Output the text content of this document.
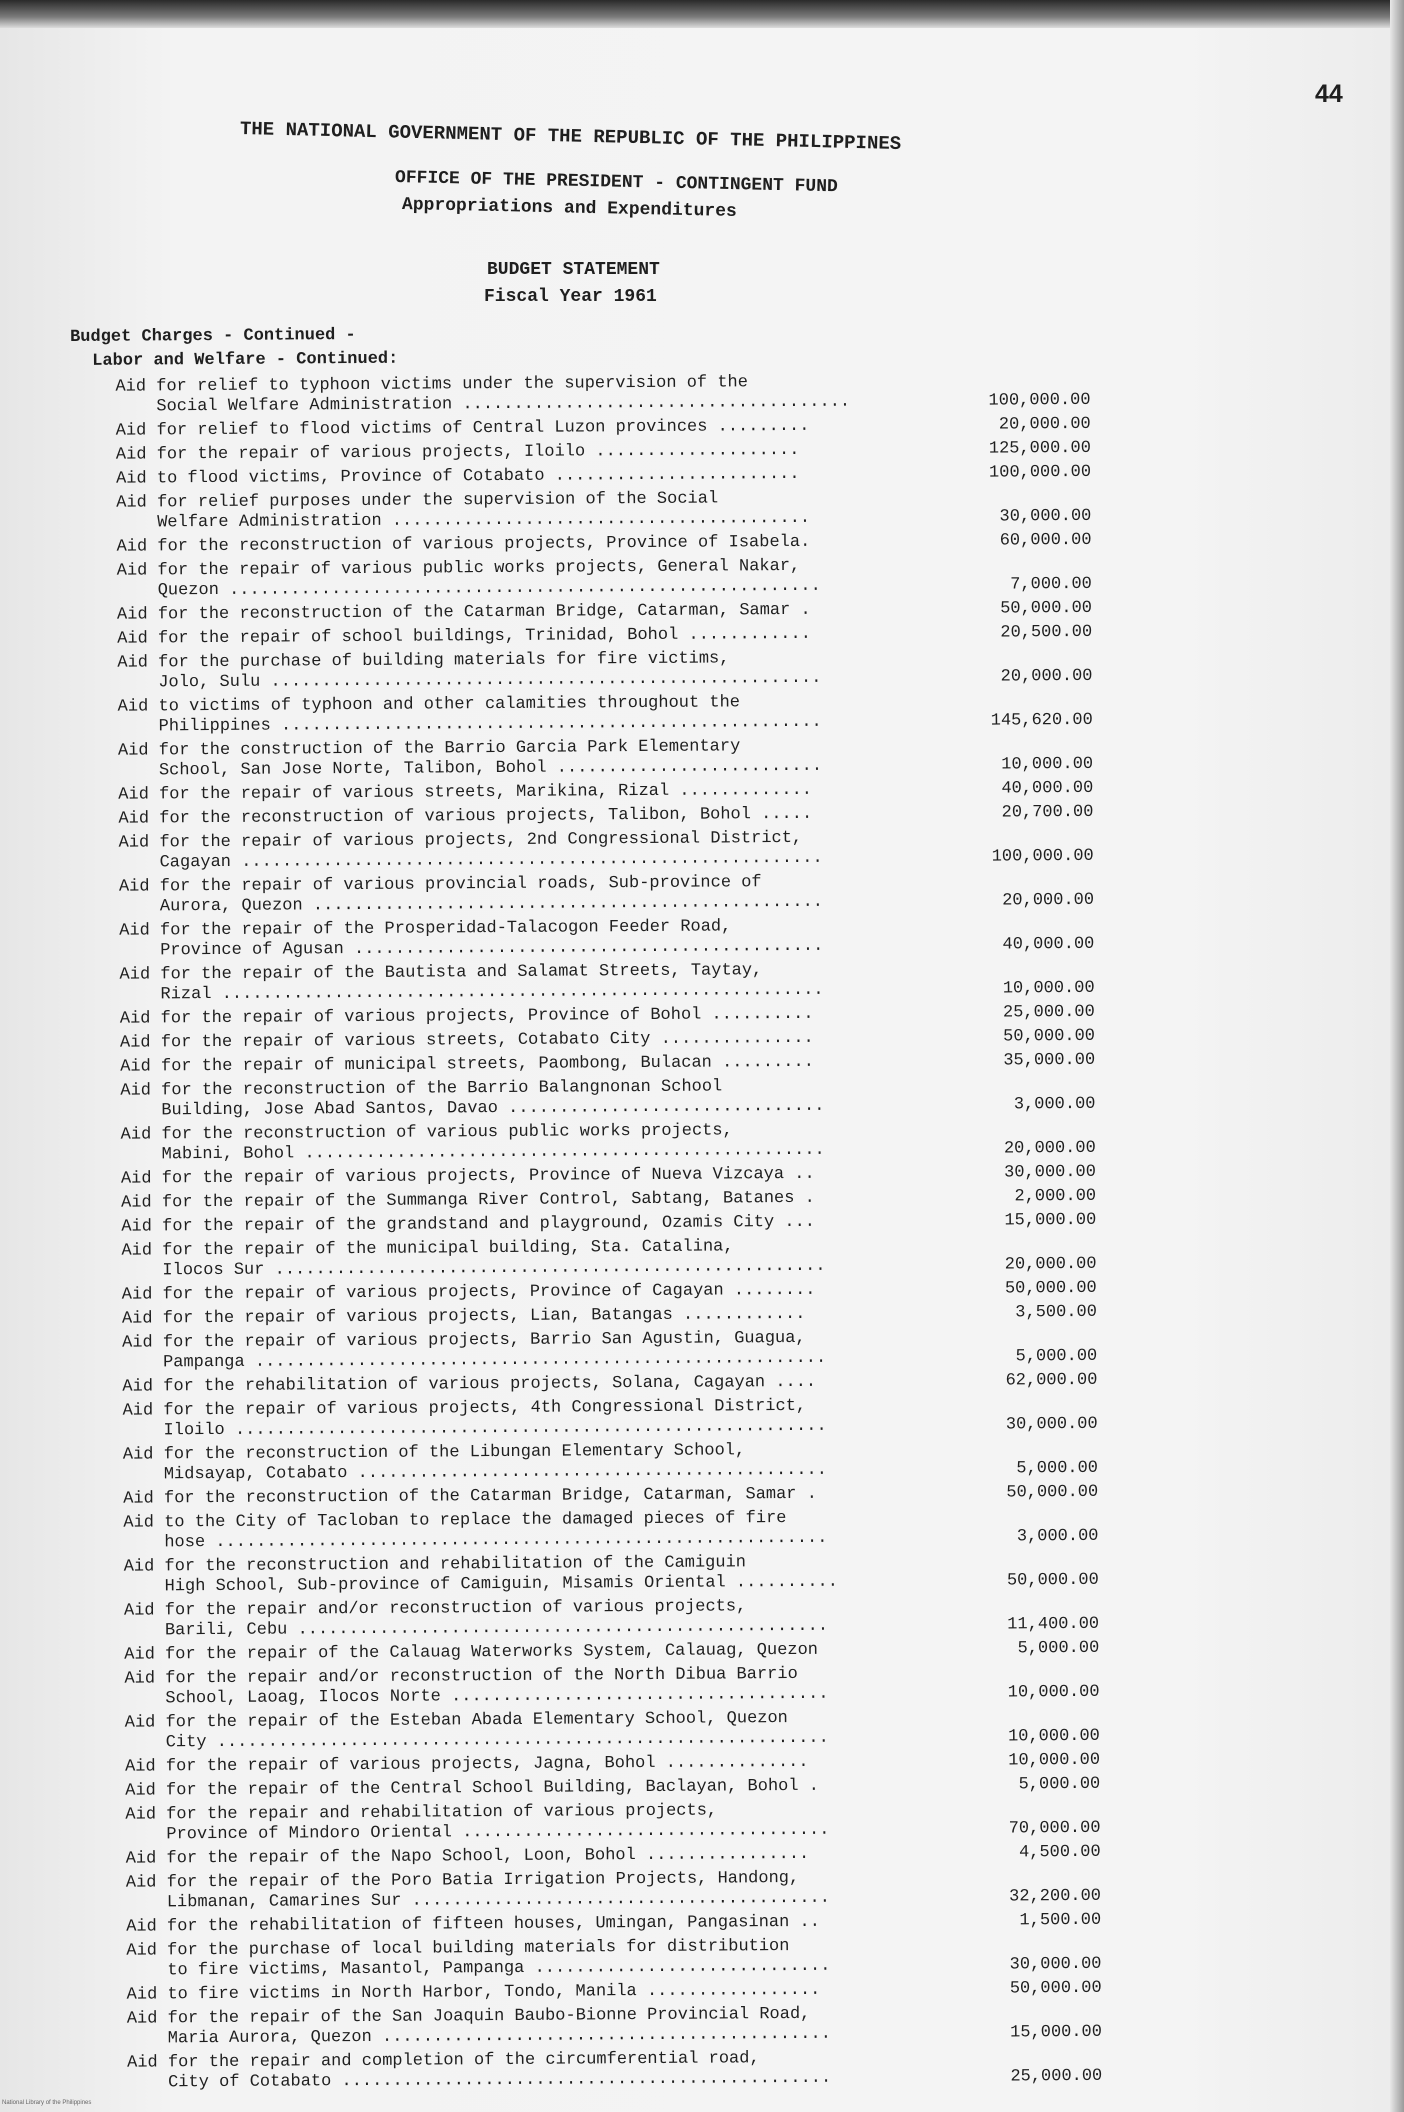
44
THE NATIONAL GOVERNMENT OF THE REPUBLIC OF THE PHILIPPINES
OFFICE OF THE PRESIDENT - CONTINGENT FUND
Appropriations and Expenditures
BUDGET STATEMENT
Fiscal Year 1961
Budget Charges - Continued -
Labor and Welfare - Continued:
Aid for relief to typhoon victims under the supervision of the
Social Welfare Administration ......................................	100,000.00
Aid for relief to flood victims of Central Luzon provinces .........	20,000.00
Aid for the repair of various projects, Iloilo ....................	125,000.00
Aid to flood victims, Province of Cotabato ........................	100,000.00
Aid for relief purposes under the supervision of the Social
Welfare Administration .........................................	30,000.00
Aid for the reconstruction of various projects, Province of Isabela.	60,000.00
Aid for the repair of various public works projects, General Nakar,
Quezon ..........................................................	7,000.00
Aid for the reconstruction of the Catarman Bridge, Catarman, Samar .	50,000.00
Aid for the repair of school buildings, Trinidad, Bohol ............	20,500.00
Aid for the purchase of building materials for fire victims,
Jolo, Sulu ......................................................	20,000.00
Aid to victims of typhoon and other calamities throughout the
Philippines .....................................................	145,620.00
Aid for the construction of the Barrio Garcia Park Elementary
School, San Jose Norte, Talibon, Bohol ..........................	10,000.00
Aid for the repair of various streets, Marikina, Rizal .............	40,000.00
Aid for the reconstruction of various projects, Talibon, Bohol .....	20,700.00
Aid for the repair of various projects, 2nd Congressional District,
Cagayan .........................................................	100,000.00
Aid for the repair of various provincial roads, Sub-province of
Aurora, Quezon ..................................................	20,000.00
Aid for the repair of the Prosperidad-Talacogon Feeder Road,
Province of Agusan ..............................................	40,000.00
Aid for the repair of the Bautista and Salamat Streets, Taytay,
Rizal ...........................................................	10,000.00
Aid for the repair of various projects, Province of Bohol ..........	25,000.00
Aid for the repair of various streets, Cotabato City ...............	50,000.00
Aid for the repair of municipal streets, Paombong, Bulacan .........	35,000.00
Aid for the reconstruction of the Barrio Balangnonan School
Building, Jose Abad Santos, Davao ...............................	3,000.00
Aid for the reconstruction of various public works projects,
Mabini, Bohol ...................................................	20,000.00
Aid for the repair of various projects, Province of Nueva Vizcaya ..	30,000.00
Aid for the repair of the Summanga River Control, Sabtang, Batanes .	2,000.00
Aid for the repair of the grandstand and playground, Ozamis City ...	15,000.00
Aid for the repair of the municipal building, Sta. Catalina,
Ilocos Sur ......................................................	20,000.00
Aid for the repair of various projects, Province of Cagayan ........	50,000.00
Aid for the repair of various projects, Lian, Batangas ............	3,500.00
Aid for the repair of various projects, Barrio San Agustin, Guagua,
Pampanga ........................................................	5,000.00
Aid for the rehabilitation of various projects, Solana, Cagayan ....	62,000.00
Aid for the repair of various projects, 4th Congressional District,
Iloilo ..........................................................	30,000.00
Aid for the reconstruction of the Libungan Elementary School,
Midsayap, Cotabato ..............................................	5,000.00
Aid for the reconstruction of the Catarman Bridge, Catarman, Samar .	50,000.00
Aid to the City of Tacloban to replace the damaged pieces of fire
hose ............................................................	3,000.00
Aid for the reconstruction and rehabilitation of the Camiguin
High School, Sub-province of Camiguin, Misamis Oriental ..........	50,000.00
Aid for the repair and/or reconstruction of various projects,
Barili, Cebu ....................................................	11,400.00
Aid for the repair of the Calauag Waterworks System, Calauag, Quezon	5,000.00
Aid for the repair and/or reconstruction of the North Dibua Barrio
School, Laoag, Ilocos Norte .....................................	10,000.00
Aid for the repair of the Esteban Abada Elementary School, Quezon
City ............................................................	10,000.00
Aid for the repair of various projects, Jagna, Bohol ..............	10,000.00
Aid for the repair of the Central School Building, Baclayan, Bohol .	5,000.00
Aid for the repair and rehabilitation of various projects,
Province of Mindoro Oriental ....................................	70,000.00
Aid for the repair of the Napo School, Loon, Bohol ................	4,500.00
Aid for the repair of the Poro Batia Irrigation Projects, Handong,
Libmanan, Camarines Sur .........................................	32,200.00
Aid for the rehabilitation of fifteen houses, Umingan, Pangasinan ..	1,500.00
Aid for the purchase of local building materials for distribution
to fire victims, Masantol, Pampanga .............................	30,000.00
Aid to fire victims in North Harbor, Tondo, Manila .................	50,000.00
Aid for the repair of the San Joaquin Baubo-Bionne Provincial Road,
Maria Aurora, Quezon ............................................	15,000.00
Aid for the repair and completion of the circumferential road,
City of Cotabato ................................................	25,000.00
National Library of the Philippines
